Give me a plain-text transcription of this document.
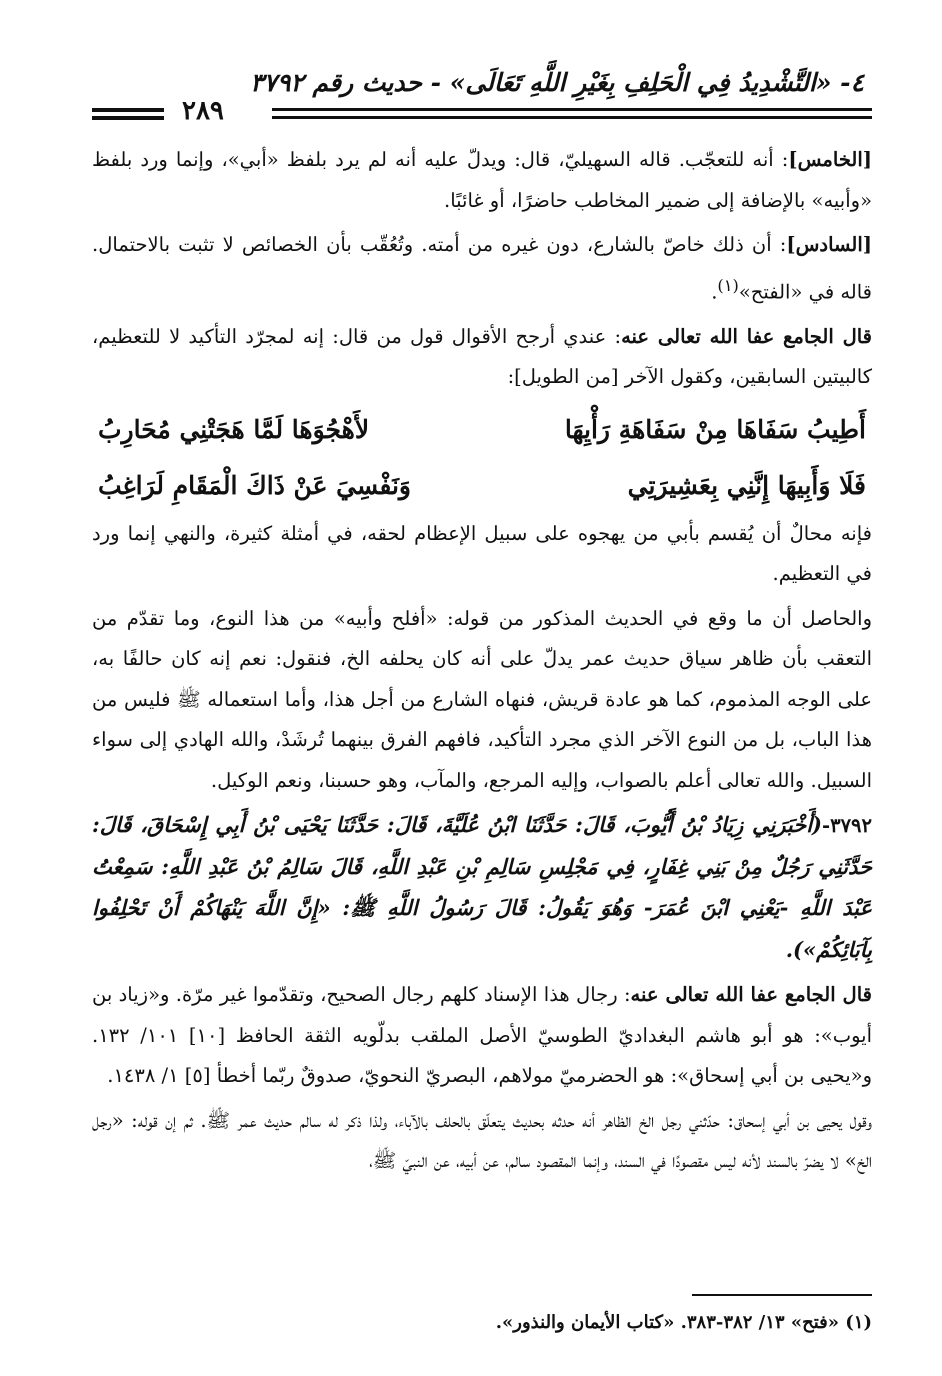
٤- «التَّشْدِيدُ فِي الْحَلِفِ بِغَيْرِ اللَّهِ تَعَالَى» - حديث رقم ٣٧٩٢
٢٨٩

[الخامس]: أنه للتعجّب. قاله السهيليّ، قال: ويدلّ عليه أنه لم يرد بلفظ «أبي»، وإنما ورد بلفظ «وأبيه» بالإضافة إلى ضمير المخاطب حاضرًا، أو غائبًا.

[السادس]: أن ذلك خاصّ بالشارع، دون غيره من أمته. وتُعُقّب بأن الخصائص لا تثبت بالاحتمال. قاله في «الفتح»$^{(١)}$.

قال الجامع عفا الله تعالى عنه: عندي أرجح الأقوال قول من قال: إنه لمجرّد التأكيد لا للتعظيم، كالبيتين السابقين، وكقول الآخر [من الطويل]:

أَطِيبُ سَفَاهَا مِنْ سَفَاهَةِ رَأْيِهَا
لأَهْجُوَهَا لَمَّا هَجَتْنِي مُحَارِبُ
فَلَا وَأَبِيهَا إِنَّنِي بِعَشِيرَتِي
وَنَفْسِيَ عَنْ ذَاكَ الْمَقَامِ لَرَاغِبُ

فإنه محالٌ أن يُقسم بأبي من يهجوه على سبيل الإعظام لحقه، في أمثلة كثيرة، والنهي إنما ورد في التعظيم.

والحاصل أن ما وقع في الحديث المذكور من قوله: «أفلح وأبيه» من هذا النوع، وما تقدّم من التعقب بأن ظاهر سياق حديث عمر يدلّ على أنه كان يحلفه الخ، فنقول: نعم إنه كان حالفًا به، على الوجه المذموم، كما هو عادة قريش، فنهاه الشارع من أجل هذا، وأما استعماله ﷺ فليس من هذا الباب، بل من النوع الآخر الذي مجرد التأكيد، فافهم الفرق بينهما تُرشَدْ، والله الهادي إلى سواء السبيل. والله تعالى أعلم بالصواب، وإليه المرجع، والمآب، وهو حسبنا، ونعم الوكيل.

٣٧٩٢-(أَخْبَرَنِي زِيَادُ بْنُ أَيُّوبَ، قَالَ: حَدَّثَنَا ابْنُ عُلَيَّةَ، قَالَ: حَدَّثَنَا يَحْيَى بْنُ أَبِي إِسْحَاقَ، قَالَ: حَدَّثَنِي رَجُلٌ مِنْ بَنِي غِفَارٍ، فِي مَجْلِسِ سَالِمِ بْنِ عَبْدِ اللَّهِ، قَالَ سَالِمُ بْنُ عَبْدِ اللَّهِ: سَمِعْتُ عَبْدَ اللَّهِ -يَعْنِي ابْنَ عُمَرَ- وَهُوَ يَقُولُ: قَالَ رَسُولُ اللَّهِ ﷺ: «إِنَّ اللَّهَ يَنْهَاكُمْ أَنْ تَحْلِفُوا بِآبَائِكُمْ»).

قال الجامع عفا الله تعالى عنه: رجال هذا الإسناد كلهم رجال الصحيح، وتقدّموا غير مرّة. و«زياد بن أيوب»: هو أبو هاشم البغداديّ الطوسيّ الأصل الملقب بدلّويه الثقة الحافظ [١٠] ١٠١/ ١٣٢. و«يحيى بن أبي إسحاق»: هو الحضرميّ مولاهم، البصريّ النحويّ، صدوقٌ ربّما أخطأ [٥] ١/ ١٤٣٨.

وقول يحيى بن أبي إسحاق: حدّثني رجل الخ الظاهر أنه حدثه بحديث يتعلّق بالحلف بالآباء، ولذا ذكر له سالم حديث عمر ﷺ. ثم إن قوله: «رجل الخ» لا يضرّ بالسند لأنه ليس مقصودًا في السند، وإنما المقصود سالم، عن أبيه، عن النبيّ ﷺ،

(١) «فتح» ١٣/ ٣٨٢-٣٨٣. «كتاب الأيمان والنذور».
